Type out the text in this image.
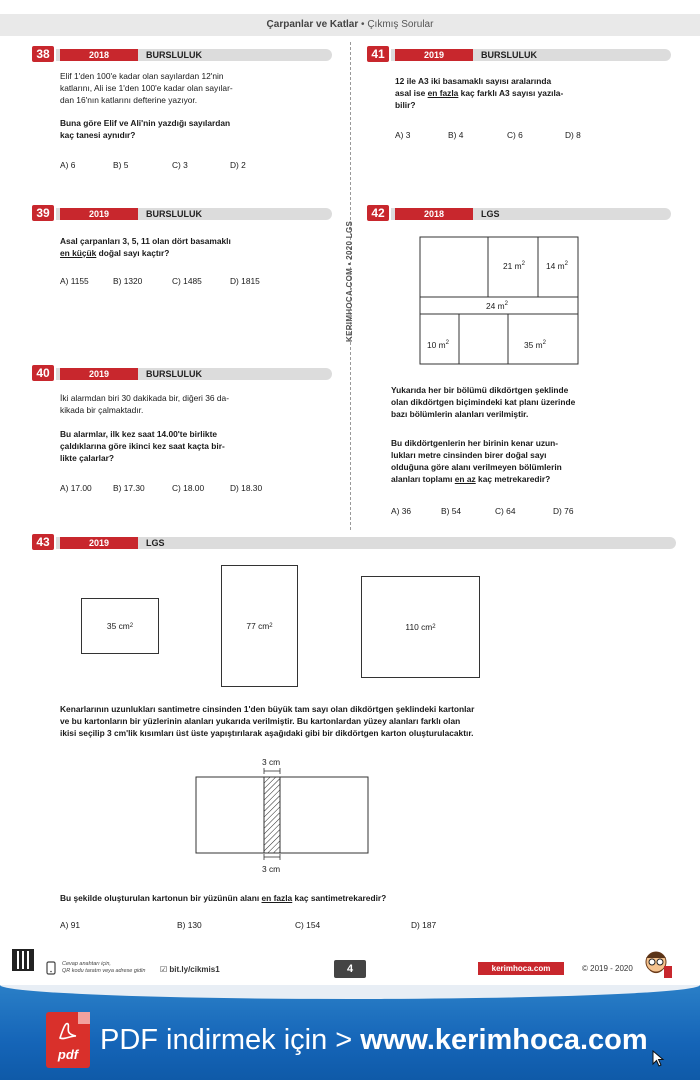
Çarpanlar ve Katlar • Çıkmış Sorular
KERIMHOCA.COM • 2020 LGS
38	2018	BURSLULUK
Elif 1'den 100'e kadar olan sayılardan 12'nin
katlarını, Ali ise 1'den 100'e kadar olan sayılar-
dan 16'nın katlarını defterine yazıyor.
Buna göre Elif ve Ali'nin yazdığı sayılardan
kaç tanesi aynıdır?
A) 6	B) 5	C) 3	D) 2
39	2019	BURSLULUK
Asal çarpanları 3, 5, 11 olan dört basamaklı
en küçük doğal sayı kaçtır?
A) 1155	B) 1320	C) 1485	D) 1815
40	2019	BURSLULUK
İki alarmdan biri 30 dakikada bir, diğeri 36 da-
kikada bir çalmaktadır.
Bu alarmlar, ilk kez saat 14.00'te birlikte
çaldıklarına göre ikinci kez saat kaçta bir-
likte çalarlar?
A) 17.00	B) 17.30	C) 18.00	D) 18.30
41	2019	BURSLULUK
12 ile A3 iki basamaklı sayısı aralarında
asal ise en fazla kaç farklı A3 sayısı yazıla-
bilir?
A) 3	B) 4	C) 6	D) 8
42	2018	LGS
21 $m^2$	14 $m^2$
24 $m^2$
10 $m^2$	35 $m^2$
Yukarıda her bir bölümü dikdörtgen şeklinde
olan dikdörtgen biçimindeki kat planı üzerinde
bazı bölümlerin alanları verilmiştir.
Bu dikdörtgenlerin her birinin kenar uzun-
lukları metre cinsinden birer doğal sayı
olduğuna göre alanı verilmeyen bölümlerin
alanları toplamı en az kaç metrekaredir?
A) 36	B) 54	C) 64	D) 76
43	2019	LGS
35 cm 2	77 cm 2	110 cm 2
Kenarlarının uzunlukları santimetre cinsinden 1'den büyük tam sayı olan dikdörtgen şeklindeki kartonlar
ve bu kartonların bir yüzlerinin alanları yukarıda verilmiştir. Bu kartonlardan yüzey alanları farklı olan
ikisi seçilip 3 cm'lik kısımları üst üste yapıştırılarak aşağıdaki gibi bir dikdörtgen karton oluşturulacaktır.
3 cm
3 cm
Bu şekilde oluşturulan kartonun bir yüzünün alanı en fazla kaç santimetrekaredir?
A) 91	B) 130	C) 154	D) 187
Cevap anahtarı için,
QR kodu taratın veya adrese gidin ☑ bit.ly/cikmis1	4	kerimhoca.com	© 2019 - 2020
pdf PDF indirmek için > www.kerimhoca.com
